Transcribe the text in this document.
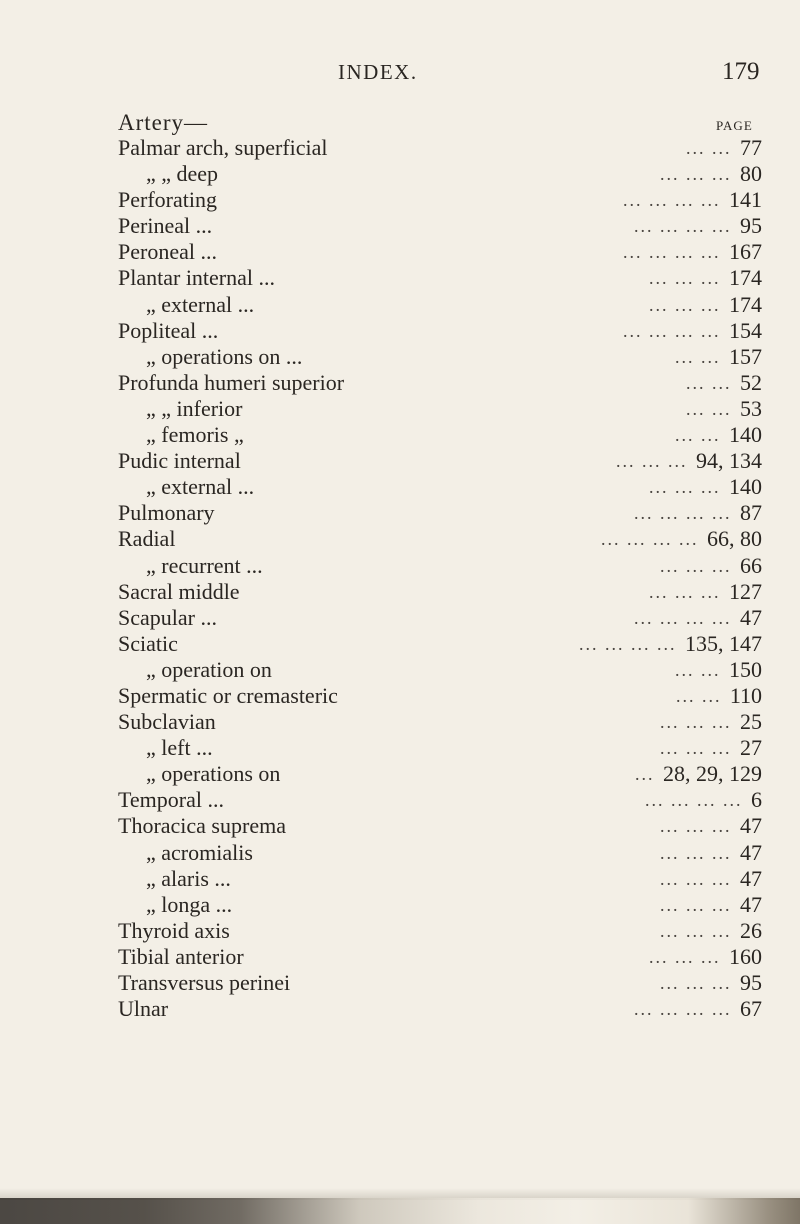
INDEX.	179
Artery—	PAGE
Palmar arch, superficial	... ... 77
„ „ deep	... ... ... 80
Perforating	... ... ... ... 141
Perineal ...	... ... ... ... 95
Peroneal ...	... ... ... ... 167
Plantar internal ...	... ... ... 174
„ external ...	... ... ... 174
Popliteal ...	... ... ... ... 154
„ operations on ...	... ... 157
Profunda humeri superior	... ... 52
„ „ inferior	... ... 53
„ femoris „	... ... 140
Pudic internal	... ... ... 94, 134
„ external ...	... ... ... 140
Pulmonary	... ... ... ... 87
Radial	... ... ... ... 66, 80
„ recurrent ...	... ... ... 66
Sacral middle	... ... ... 127
Scapular ...	... ... ... ... 47
Sciatic	... ... ... ... 135, 147
„ operation on	... ... 150
Spermatic or cremasteric	... ... 110
Subclavian	... ... ... 25
„ left ...	... ... ... 27
„ operations on	... 28, 29, 129
Temporal ...	... ... ... ... 6
Thoracica suprema	... ... ... 47
„ acromialis	... ... ... 47
„ alaris ...	... ... ... 47
„ longa ...	... ... ... 47
Thyroid axis	... ... ... 26
Tibial anterior	... ... ... 160
Transversus perinei	... ... ... 95
Ulnar	... ... ... ... 67
